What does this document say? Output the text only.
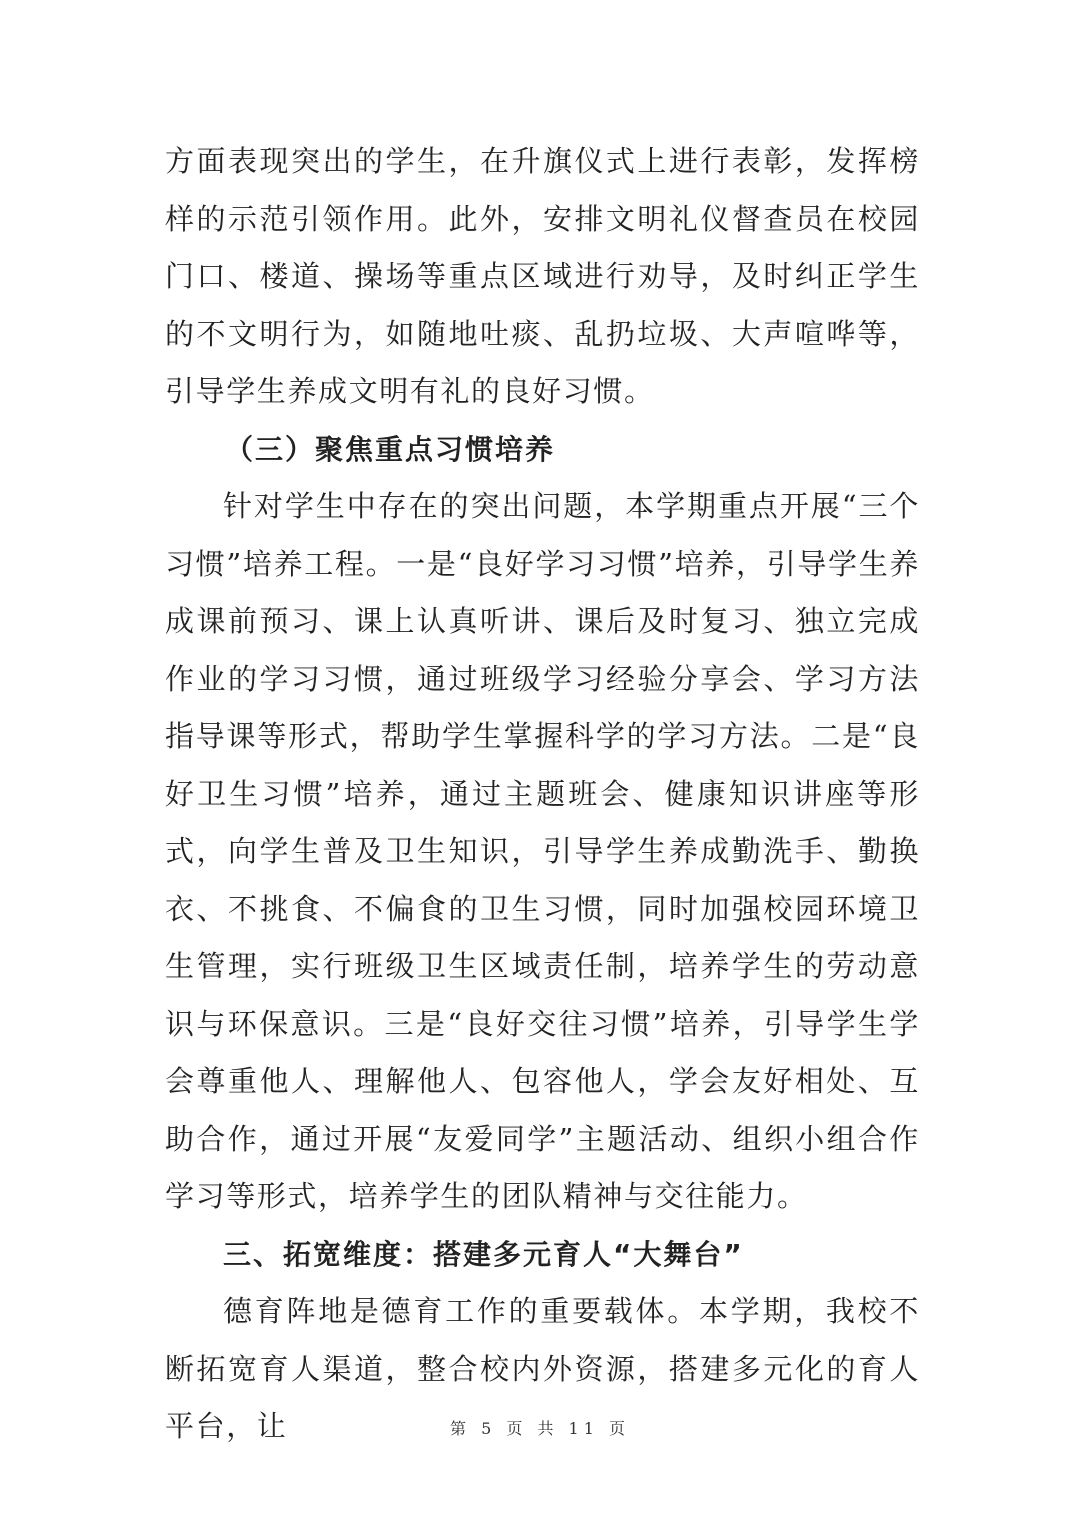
方面表现突出的学生，在升旗仪式上进行表彰，发挥榜样的示范引领作用。此外，安排文明礼仪督查员在校园门口、楼道、操场等重点区域进行劝导，及时纠正学生的不文明行为，如随地吐痰、乱扔垃圾、大声喧哗等，引导学生养成文明有礼的良好习惯。

（三）聚焦重点习惯培养

针对学生中存在的突出问题，本学期重点开展“三个习惯”培养工程。一是“良好学习习惯”培养，引导学生养成课前预习、课上认真听讲、课后及时复习、独立完成作业的学习习惯，通过班级学习经验分享会、学习方法指导课等形式，帮助学生掌握科学的学习方法。二是“良好卫生习惯”培养，通过主题班会、健康知识讲座等形式，向学生普及卫生知识，引导学生养成勤洗手、勤换衣、不挑食、不偏食的卫生习惯，同时加强校园环境卫生管理，实行班级卫生区域责任制，培养学生的劳动意识与环保意识。三是“良好交往习惯”培养，引导学生学会尊重他人、理解他人、包容他人，学会友好相处、互助合作，通过开展“友爱同学”主题活动、组织小组合作学习等形式，培养学生的团队精神与交往能力。

三、拓宽维度：搭建多元育人“大舞台”

德育阵地是德育工作的重要载体。本学期，我校不断拓宽育人渠道，整合校内外资源，搭建多元化的育人平台，让	第 5 页 共 11 页
